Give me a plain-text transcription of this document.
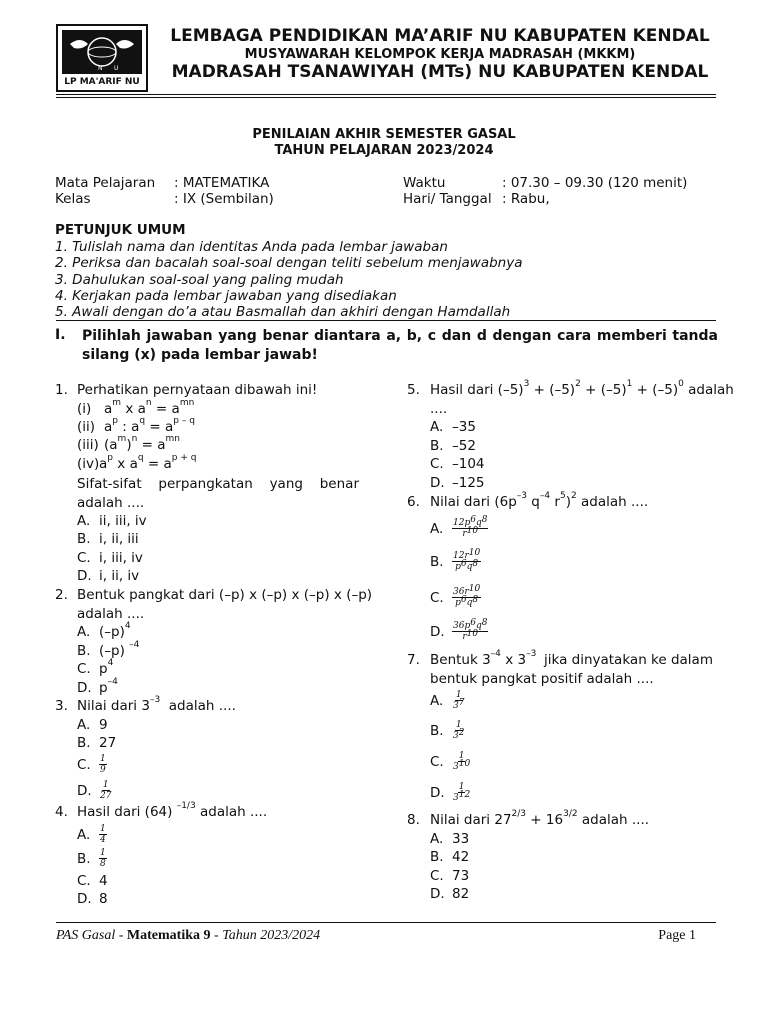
N U
LP MA'ARIF NU
LEMBAGA PENDIDIKAN MA’ARIF NU KABUPATEN KENDAL
MUSYAWARAH KELOMPOK KERJA MADRASAH (MKKM)
MADRASAH TSANAWIYAH (MTs) NU KABUPATEN KENDAL
PENILAIAN AKHIR SEMESTER GASAL
TAHUN PELAJARAN 2023/2024
Mata Pelajaran : MATEMATIKA
Kelas	: IX (Sembilan)
Waktu	: 07.30 – 09.30 (120 menit)
Hari/ Tanggal : Rabu,
PETUNJUK UMUM
1. Tulislah nama dan identitas Anda pada lembar jawaban
2. Periksa dan bacalah soal-soal dengan teliti sebelum menjawabnya
3. Dahulukan soal-soal yang paling mudah
4. Kerjakan pada lembar jawaban yang disediakan
5. Awali dengan do’a atau Basmallah dan akhiri dengan Hamdallah
I. Pilihlah jawaban yang benar diantara a, b, c dan d dengan cara memberi tanda silang (x) pada lembar jawab!
1. Perhatikan pernyataan dibawah ini!
(i) $a^m$ x $a^n = a^{mn}$
(ii) $a^p$ : $a^q = a^{p - q}$
(iii) $(a^m)^n = a^{mn}$
$(iv)a^p$ x $a^q = a^{p + q}$
Sifat-sifat perpangkatan yang benar adalah ....
A. ii, iii, iv
B. i, ii, iii
C. i, iii, iv
D. i, ii, iv
2. Bentuk pangkat dari (–p) x (–p) x (–p) x (–p)
adalah ....
A. $(-p)^4$
B. (–p) $^{-4}$
C. $p^4$
D. $p^{-4}$
3. Nilai dari $3^{-3}$ adalah ....
A. 9
B. 27
C. $\frac{1}{9}$
D. $\frac{1}{27}$
4. Hasil dari (64) $^{-1/3}$ adalah ....
A. $\frac{1}{4}$
B. $\frac{1}{8}$
C. 4
D. 8
5. Hasil dari $(-5)^3 + (-5)^2 + (-5)^1 + (-5)^0$ adalah
....
A. –35
B. –52
C. –104
D. –125
6. Nilai dari ($6p^{-3}$ $q^{-4}$ $r^5)^2$ adalah ....
A. $\frac{12p^6q^8}{r^{10}}$
B. $\frac{12r^{10}}{p^6q^8}$
C. $\frac{36r^{10}}{p^6q^8}$
D. $\frac{36p^6q^8}{r^{10}}$
7. Bentuk $3^{-4}$ x $3^{-3}$ jika dinyatakan ke dalam
bentuk pangkat positif adalah ....
A. $\frac{1}{3^7}$
B. $\frac{1}{3^2}$
C. $\frac{1}{3^{10}}$
D. $\frac{1}{3^{12}}$
8. Nilai dari $27^{2/3} + 16^{3/2}$ adalah ....
A. 33
B. 42
C. 73
D. 82
PAS Gasal - Matematika 9 - Tahun 2023/2024	Page 1
